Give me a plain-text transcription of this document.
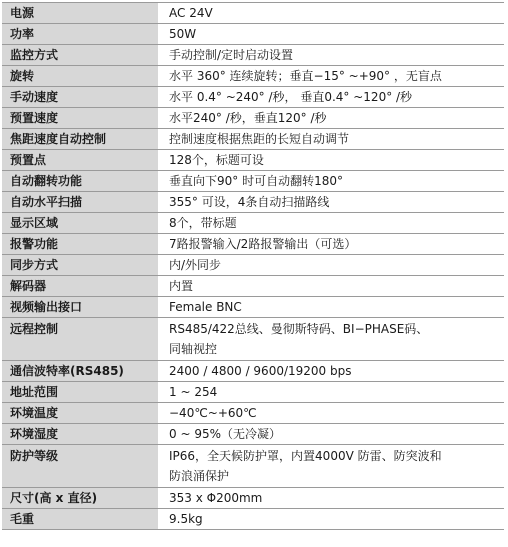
电源	AC 24V
功率	50W
监控方式	手动控制/定时启动设置
旋转	水平 360° 连续旋转；垂直−15° ~+90° ，无盲点
手动速度	水平 0.4° ~240° /秒， 垂直0.4° ~120° /秒
预置速度	水平240° /秒，垂直120° /秒
焦距速度自动控制	控制速度根据焦距的长短自动调节
预置点	128个，标题可设
自动翻转功能	垂直向下90° 时可自动翻转180°
自动水平扫描	355° 可设，4条自动扫描路线
显示区域	8个，带标题
报警功能	7路报警输入/2路报警输出（可选）
同步方式	内/外同步
解码器	内置
视频输出接口	Female BNC
远程控制	RS485/422总线、曼彻斯特码、BI−PHASE码、
同轴视控

通信波特率(RS485)	2400 / 4800 / 9600/19200 bps
地址范围	1 ~ 254
环境温度	−40℃~+60℃
环境湿度	0 ~ 95%（无冷凝）
防护等级	IP66，全天候防护罩，内置4000V 防雷、防突波和
防浪涌保护

尺寸(高 x 直径)	353 x Φ200mm
毛重	9.5kg
